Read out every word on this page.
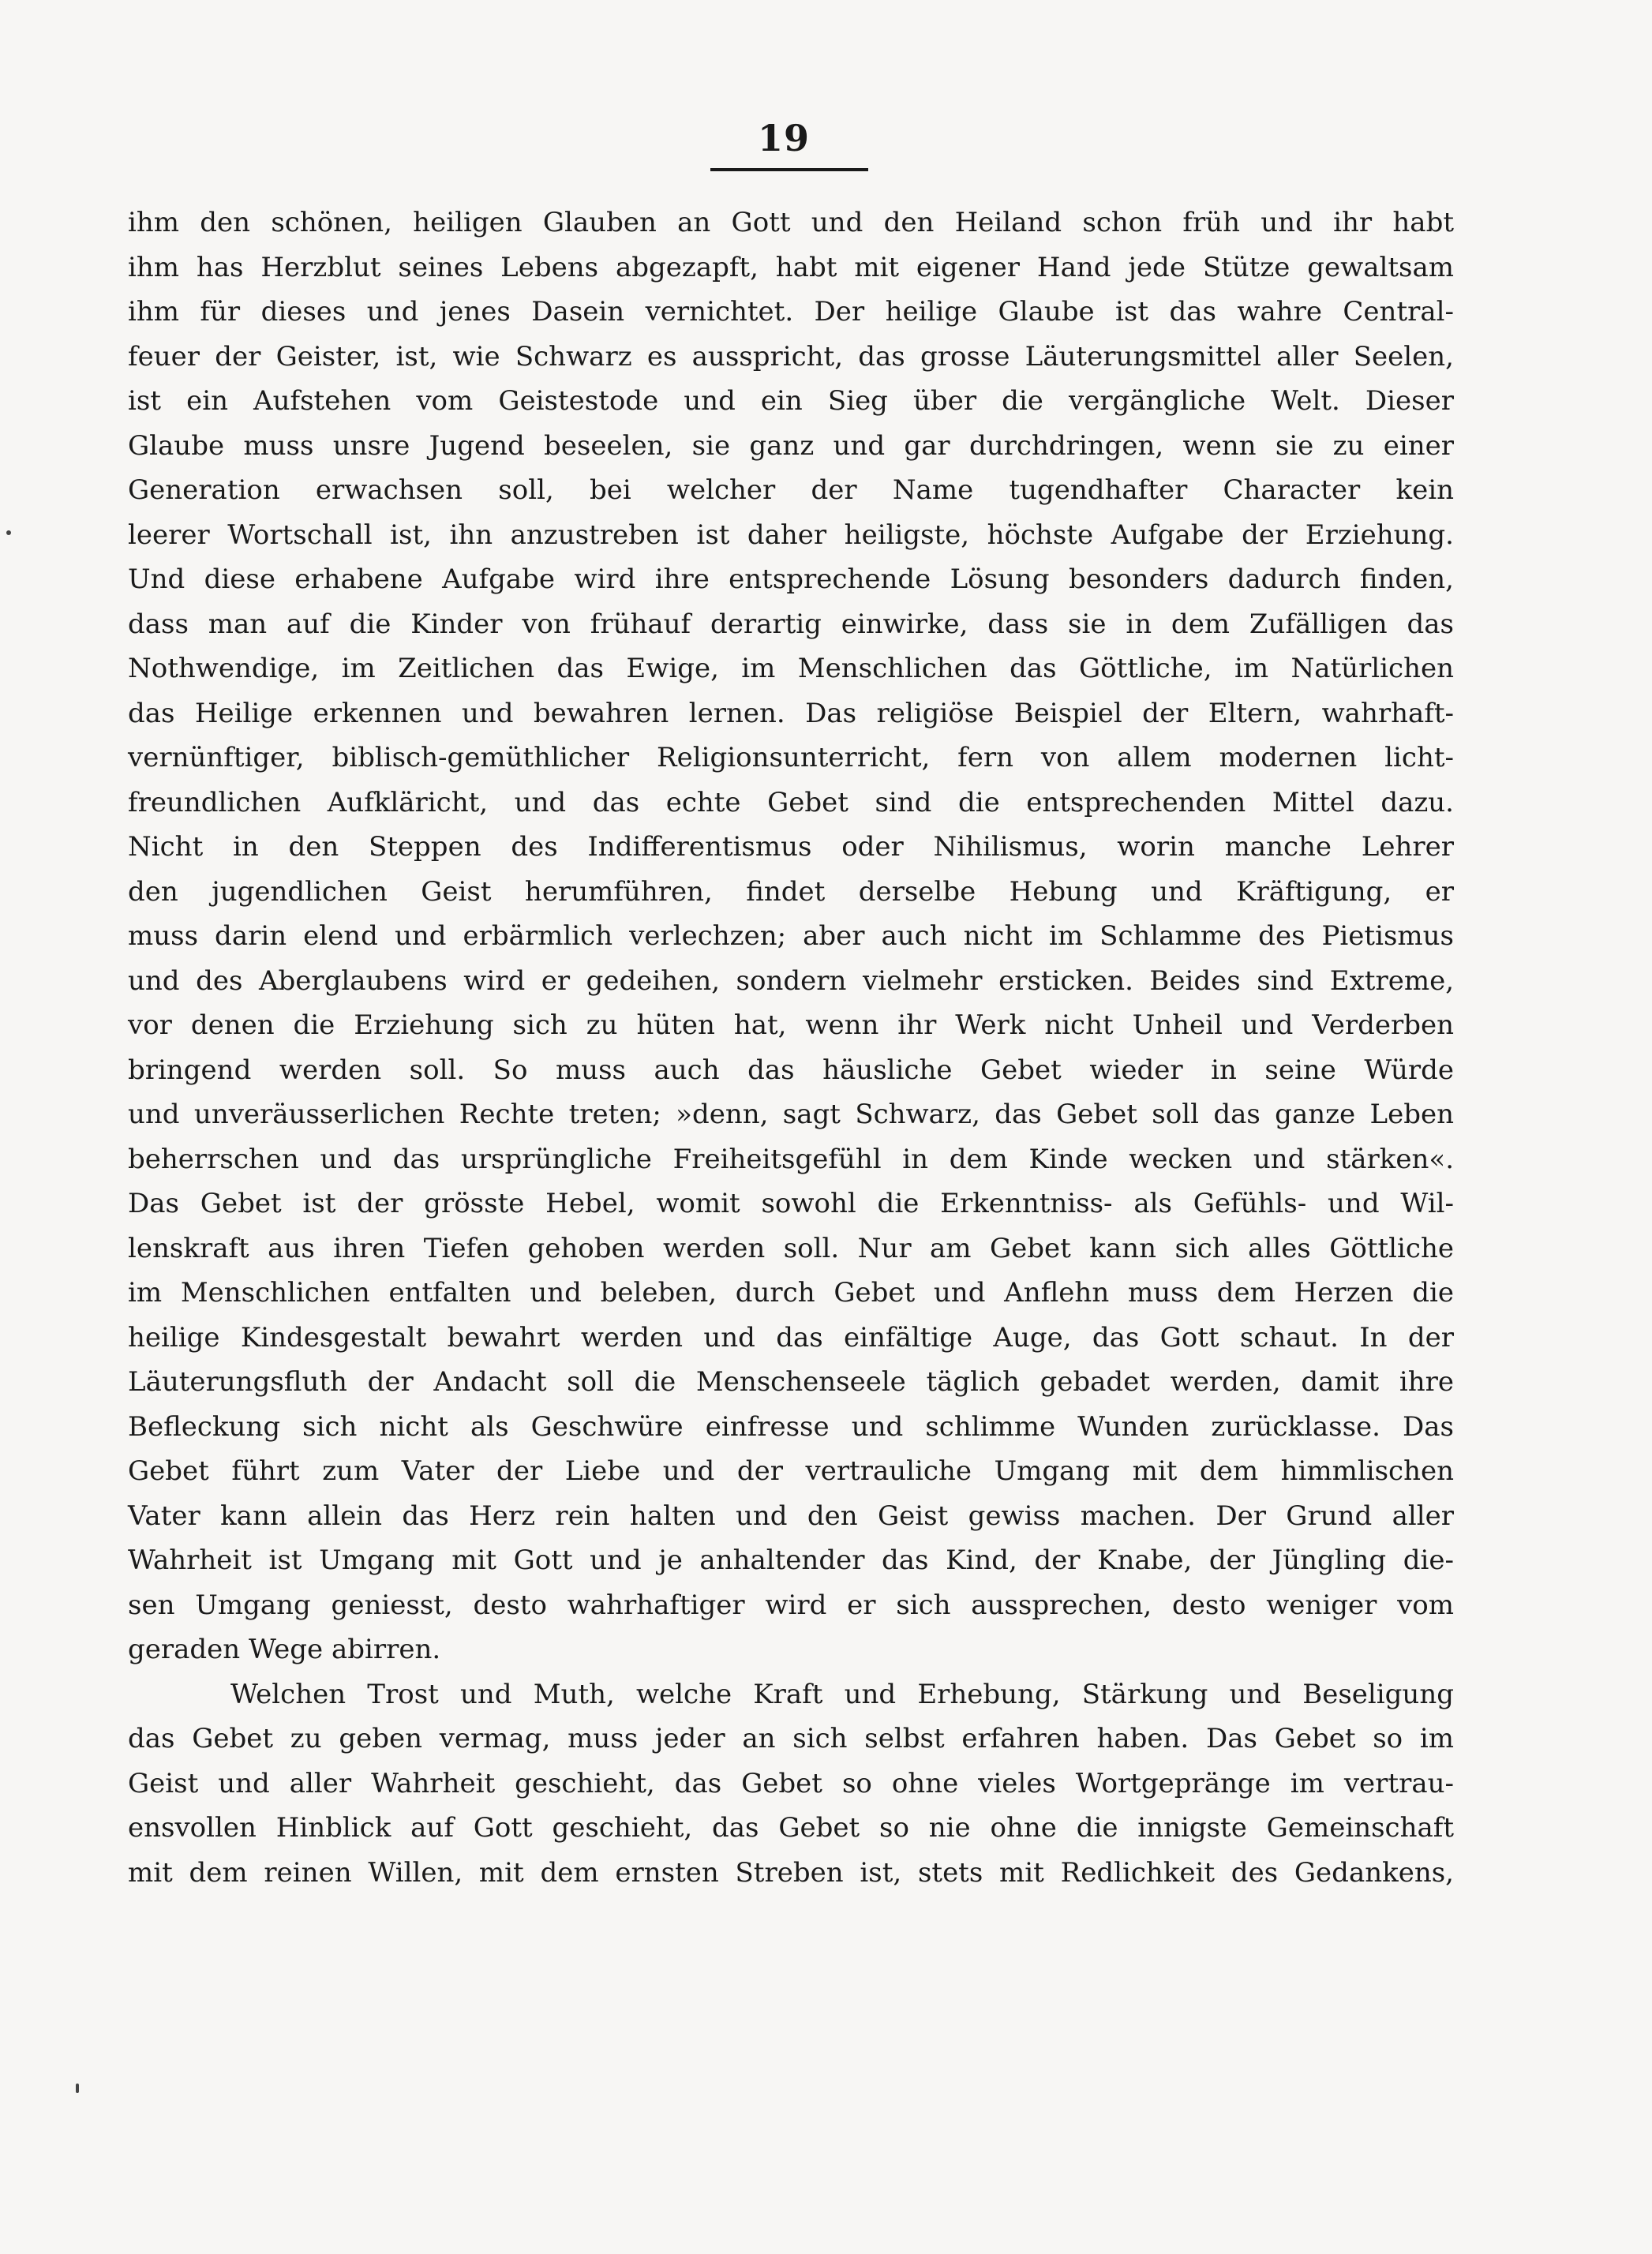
19
ihm den schönen, heiligen Glauben an Gott und den Heiland schon früh und ihr habt
ihm has Herzblut seines Lebens abgezapft, habt mit eigener Hand jede Stütze gewaltsam
ihm für dieses und jenes Dasein vernichtet. Der heilige Glaube ist das wahre Central-
feuer der Geister, ist, wie Schwarz es ausspricht, das grosse Läuterungsmittel aller Seelen,
ist ein Aufstehen vom Geistestode und ein Sieg über die vergängliche Welt. Dieser
Glaube muss unsre Jugend beseelen, sie ganz und gar durchdringen, wenn sie zu einer
Generation erwachsen soll, bei welcher der Name tugendhafter Character kein
leerer Wortschall ist, ihn anzustreben ist daher heiligste, höchste Aufgabe der Erziehung.
Und diese erhabene Aufgabe wird ihre entsprechende Lösung besonders dadurch finden,
dass man auf die Kinder von frühauf derartig einwirke, dass sie in dem Zufälligen das
Nothwendige, im Zeitlichen das Ewige, im Menschlichen das Göttliche, im Natürlichen
das Heilige erkennen und bewahren lernen. Das religiöse Beispiel der Eltern, wahrhaft-
vernünftiger, biblisch-gemüthlicher Religionsunterricht, fern von allem modernen licht-
freundlichen Aufkläricht, und das echte Gebet sind die entsprechenden Mittel dazu.
Nicht in den Steppen des Indifferentismus oder Nihilismus, worin manche Lehrer
den jugendlichen Geist herumführen, findet derselbe Hebung und Kräftigung, er
muss darin elend und erbärmlich verlechzen; aber auch nicht im Schlamme des Pietismus
und des Aberglaubens wird er gedeihen, sondern vielmehr ersticken. Beides sind Extreme,
vor denen die Erziehung sich zu hüten hat, wenn ihr Werk nicht Unheil und Verderben
bringend werden soll. So muss auch das häusliche Gebet wieder in seine Würde
und unveräusserlichen Rechte treten; »denn, sagt Schwarz, das Gebet soll das ganze Leben
beherrschen und das ursprüngliche Freiheitsgefühl in dem Kinde wecken und stärken«.
Das Gebet ist der grösste Hebel, womit sowohl die Erkenntniss- als Gefühls- und Wil-
lenskraft aus ihren Tiefen gehoben werden soll. Nur am Gebet kann sich alles Göttliche
im Menschlichen entfalten und beleben, durch Gebet und Anflehn muss dem Herzen die
heilige Kindesgestalt bewahrt werden und das einfältige Auge, das Gott schaut. In der
Läuterungsfluth der Andacht soll die Menschenseele täglich gebadet werden, damit ihre
Befleckung sich nicht als Geschwüre einfresse und schlimme Wunden zurücklasse. Das
Gebet führt zum Vater der Liebe und der vertrauliche Umgang mit dem himmlischen
Vater kann allein das Herz rein halten und den Geist gewiss machen. Der Grund aller
Wahrheit ist Umgang mit Gott und je anhaltender das Kind, der Knabe, der Jüngling die-
sen Umgang geniesst, desto wahrhaftiger wird er sich aussprechen, desto weniger vom
geraden Wege abirren.
Welchen Trost und Muth, welche Kraft und Erhebung, Stärkung und Beseligung
das Gebet zu geben vermag, muss jeder an sich selbst erfahren haben. Das Gebet so im
Geist und aller Wahrheit geschieht, das Gebet so ohne vieles Wortgepränge im vertrau-
ensvollen Hinblick auf Gott geschieht, das Gebet so nie ohne die innigste Gemeinschaft
mit dem reinen Willen, mit dem ernsten Streben ist, stets mit Redlichkeit des Gedankens,
